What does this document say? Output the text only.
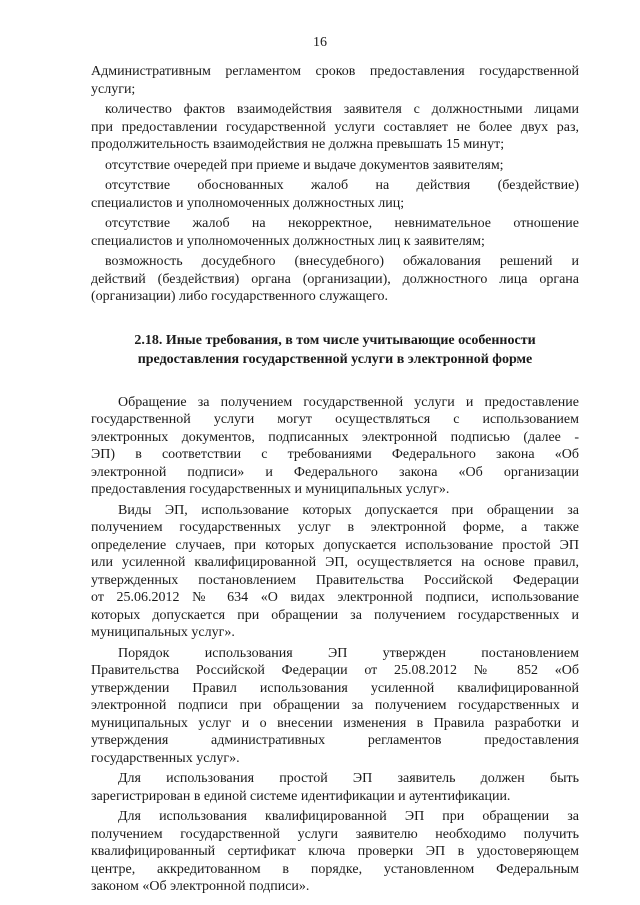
16
Административным регламентом сроков предоставления государственной
услуги;
количество фактов взаимодействия заявителя с должностными лицами
при предоставлении государственной услуги составляет не более двух раз,
продолжительность взаимодействия не должна превышать 15 минут;
отсутствие очередей при приеме и выдаче документов заявителям;
отсутствие обоснованных жалоб на действия (бездействие)
специалистов и уполномоченных должностных лиц;
отсутствие жалоб на некорректное, невнимательное отношение
специалистов и уполномоченных должностных лиц к заявителям;
возможность досудебного (внесудебного) обжалования решений и
действий (бездействия) органа (организации), должностного лица органа
(организации) либо государственного служащего.
2.18. Иные требования, в том числе учитывающие особенности
предоставления государственной услуги в электронной форме
Обращение за получением государственной услуги и предоставление
государственной услуги могут осуществляться с использованием
электронных документов, подписанных электронной подписью (далее -
ЭП) в соответствии с требованиями Федерального закона «Об
электронной подписи» и Федерального закона «Об организации
предоставления государственных и муниципальных услуг».
Виды ЭП, использование которых допускается при обращении за
получением государственных услуг в электронной форме, а также
определение случаев, при которых допускается использование простой ЭП
или усиленной квалифицированной ЭП, осуществляется на основе правил,
утвержденных постановлением Правительства Российской Федерации
от 25.06.2012 № 634 «О видах электронной подписи, использование
которых допускается при обращении за получением государственных и
муниципальных услуг».
Порядок использования ЭП утвержден постановлением
Правительства Российской Федерации от 25.08.2012 № 852 «Об
утверждении Правил использования усиленной квалифицированной
электронной подписи при обращении за получением государственных и
муниципальных услуг и о внесении изменения в Правила разработки и
утверждения административных регламентов предоставления
государственных услуг».
Для использования простой ЭП заявитель должен быть
зарегистрирован в единой системе идентификации и аутентификации.
Для использования квалифицированной ЭП при обращении за
получением государственной услуги заявителю необходимо получить
квалифицированный сертификат ключа проверки ЭП в удостоверяющем
центре, аккредитованном в порядке, установленном Федеральным
законом «Об электронной подписи».
